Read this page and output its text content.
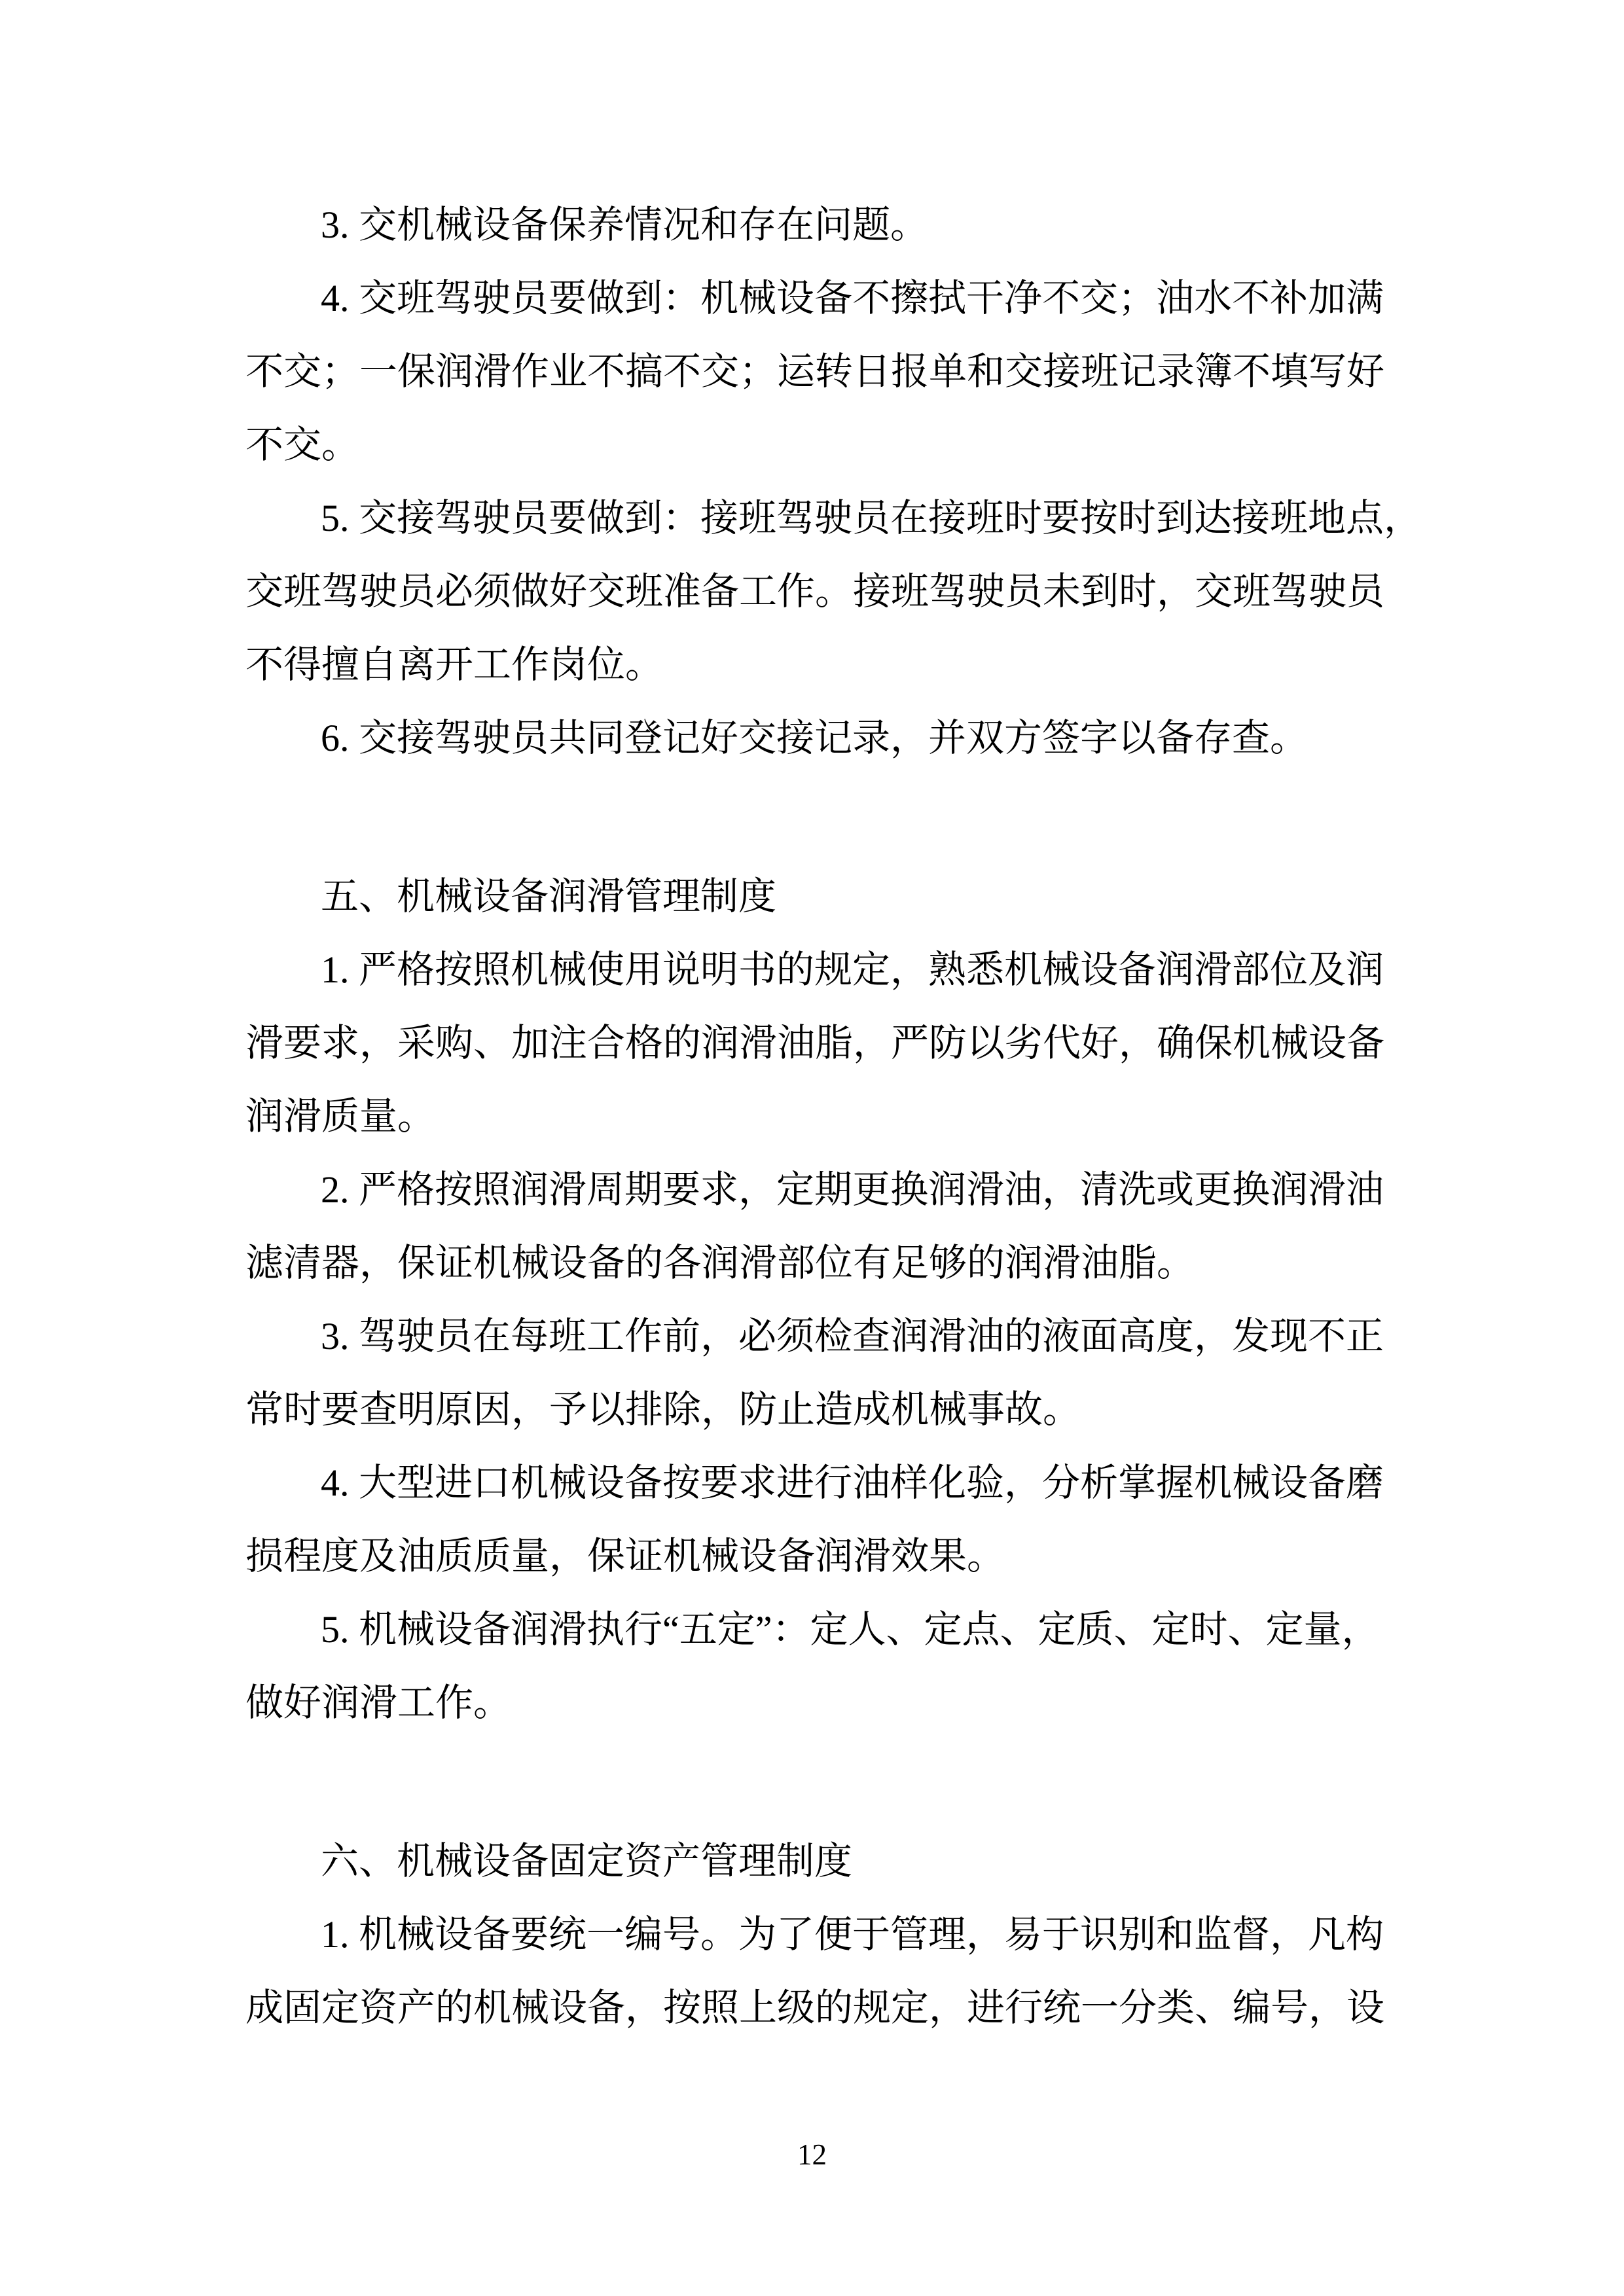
3. 交机械设备保养情况和存在问题。
4. 交班驾驶员要做到：机械设备不擦拭干净不交；油水不补加满
不交；一保润滑作业不搞不交；运转日报单和交接班记录簿不填写好
不交。
5. 交接驾驶员要做到：接班驾驶员在接班时要按时到达接班地点，
交班驾驶员必须做好交班准备工作。接班驾驶员未到时，交班驾驶员
不得擅自离开工作岗位。
6. 交接驾驶员共同登记好交接记录，并双方签字以备存查。
五、机械设备润滑管理制度
1. 严格按照机械使用说明书的规定，熟悉机械设备润滑部位及润
滑要求，采购、加注合格的润滑油脂，严防以劣代好，确保机械设备
润滑质量。
2. 严格按照润滑周期要求，定期更换润滑油，清洗或更换润滑油
滤清器，保证机械设备的各润滑部位有足够的润滑油脂。
3. 驾驶员在每班工作前，必须检查润滑油的液面高度，发现不正
常时要查明原因，予以排除，防止造成机械事故。
4. 大型进口机械设备按要求进行油样化验，分析掌握机械设备磨
损程度及油质质量，保证机械设备润滑效果。
5. 机械设备润滑执行“五定”：定人、定点、定质、定时、定量，
做好润滑工作。
六、机械设备固定资产管理制度
1. 机械设备要统一编号。为了便于管理，易于识别和监督，凡构
成固定资产的机械设备，按照上级的规定，进行统一分类、编号，设
12
